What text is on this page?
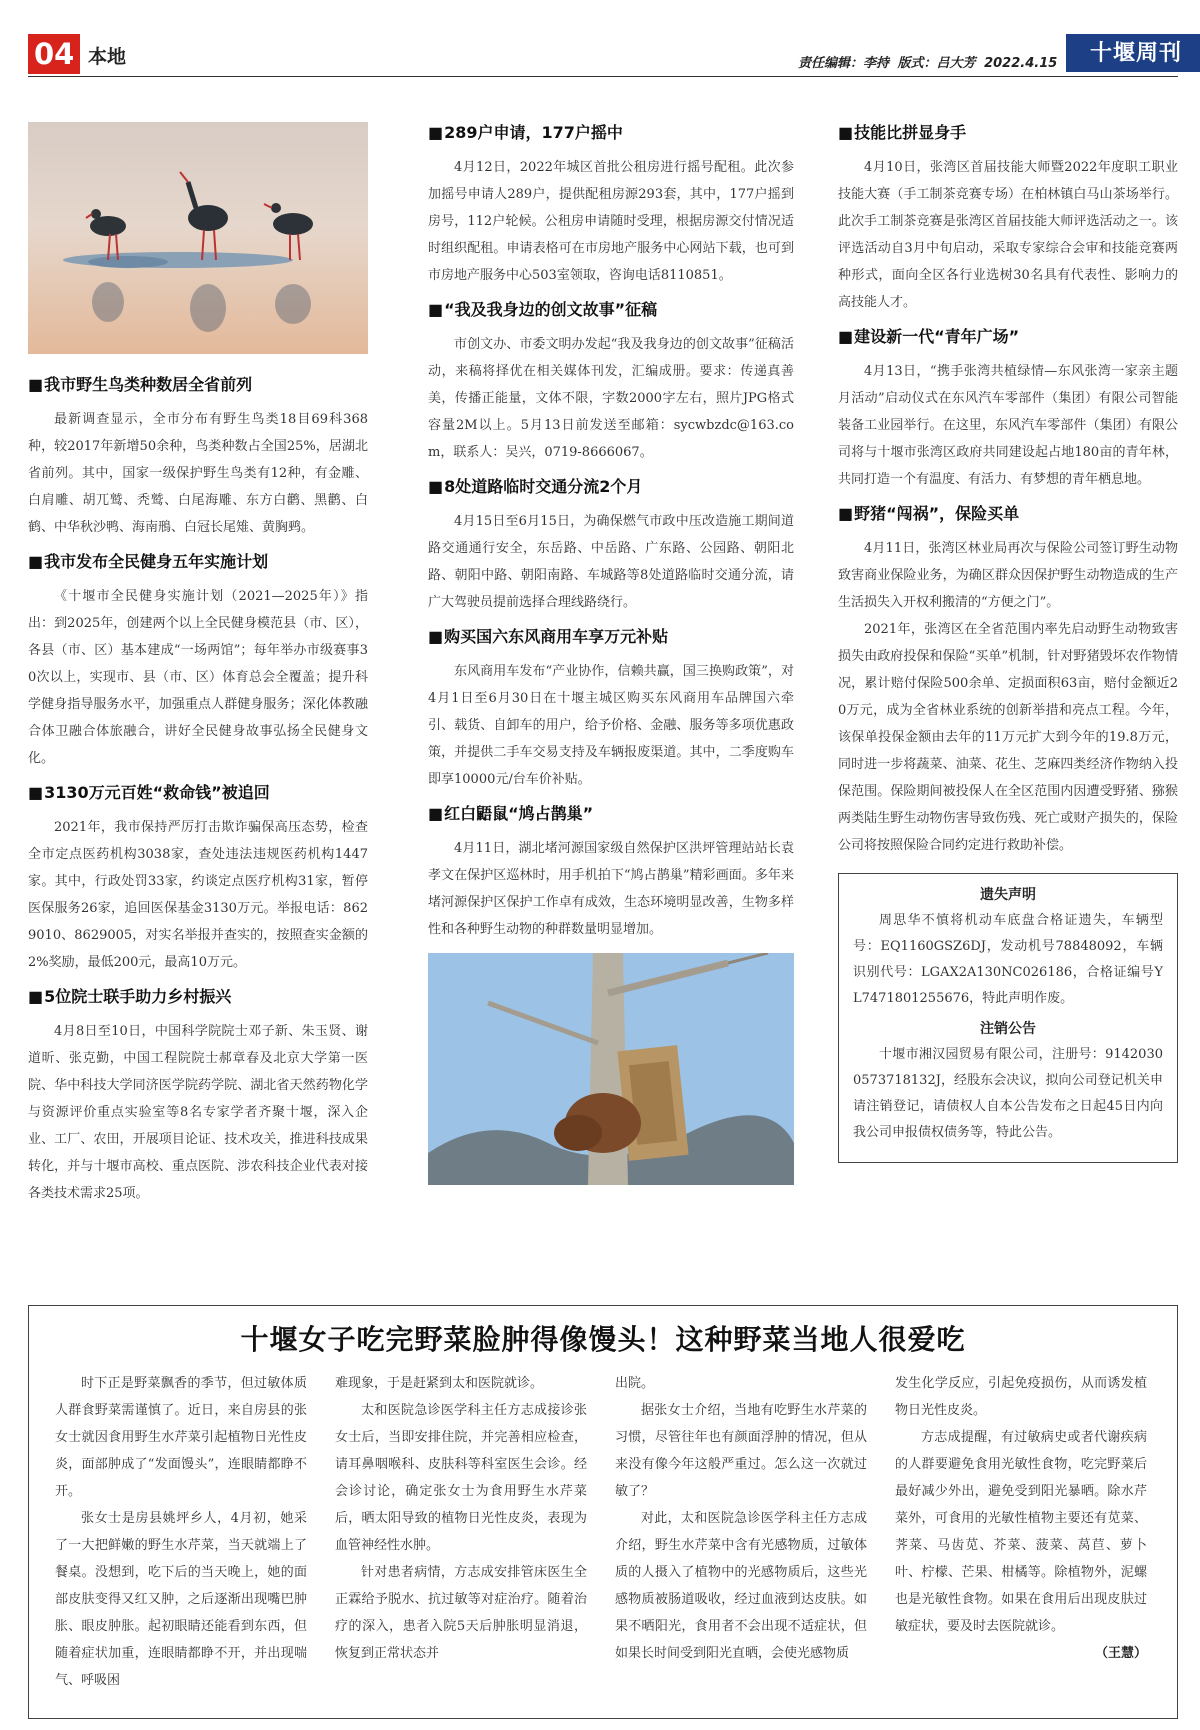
04 本地	责任编辑：李持 版式：吕大芳 2022.4.15	十堰周刊
■ 我市野生鸟类种数居全省前列

最新调查显示，全市分布有野生鸟类18目69科368种，较2017年新增50余种，鸟类种数占全国25%，居湖北省前列。其中，国家一级保护野生鸟类有12种，有金雕、白肩雕、胡兀鹫、秃鹫、白尾海雕、东方白鹳、黑鹳、白鹤、中华秋沙鸭、海南鳽、白冠长尾雉、黄胸鹀。

■ 我市发布全民健身五年实施计划

《十堰市全民健身实施计划（2021—2025年）》指出：到2025年，创建两个以上全民健身模范县（市、区），各县（市、区）基本建成“一场两馆”；每年举办市级赛事30次以上，实现市、县（市、区）体育总会全覆盖；提升科学健身指导服务水平，加强重点人群健身服务；深化体教融合体卫融合体旅融合，讲好全民健身故事弘扬全民健身文化。

■ 3130万元百姓“救命钱”被追回

2021年，我市保持严厉打击欺诈骗保高压态势，检查全市定点医药机构3038家，查处违法违规医药机构1447家。其中，行政处罚33家，约谈定点医疗机构31家，暂停医保服务26家，追回医保基金3130万元。举报电话：8629010、8629005，对实名举报并查实的，按照查实金额的2%奖励，最低200元，最高10万元。

■ 5位院士联手助力乡村振兴

4月8日至10日，中国科学院院士邓子新、朱玉贤、谢道昕、张克勤，中国工程院院士郝章春及北京大学第一医院、华中科技大学同济医学院药学院、湖北省天然药物化学与资源评价重点实验室等8名专家学者齐聚十堰，深入企业、工厂、农田，开展项目论证、技术攻关，推进科技成果转化，并与十堰市高校、重点医院、涉农科技企业代表对接各类技术需求25项。

■ 289户申请，177户摇中

4月12日，2022年城区首批公租房进行摇号配租。此次参加摇号申请人289户，提供配租房源293套，其中，177户摇到房号，112户轮候。公租房申请随时受理，根据房源交付情况适时组织配租。申请表格可在市房地产服务中心网站下载，也可到市房地产服务中心503室领取，咨询电话8110851。

■ “我及我身边的创文故事”征稿

市创文办、市委文明办发起“我及我身边的创文故事”征稿活动，来稿将择优在相关媒体刊发，汇编成册。要求：传递真善美，传播正能量，文体不限，字数2000字左右，照片JPG格式容量2M以上。5月13日前发送至邮箱：sycwbzdc@163.com，联系人：吴兴，0719-8666067。

■ 8处道路临时交通分流2个月

4月15日至6月15日，为确保燃气市政中压改造施工期间道路交通通行安全，东岳路、中岳路、广东路、公园路、朝阳北路、朝阳中路、朝阳南路、车城路等8处道路临时交通分流，请广大驾驶员提前选择合理线路绕行。

■ 购买国六东风商用车享万元补贴

东风商用车发布“产业协作，信赖共赢，国三换购政策”，对4月1日至6月30日在十堰主城区购买东风商用车品牌国六牵引、载货、自卸车的用户，给予价格、金融、服务等多项优惠政策，并提供二手车交易支持及车辆报废渠道。其中，二季度购车即享10000元/台车价补贴。

■ 红白鼯鼠“鸠占鹊巢”

4月11日，湖北堵河源国家级自然保护区洪坪管理站站长袁孝文在保护区巡林时，用手机拍下“鸠占鹊巢”精彩画面。多年来堵河源保护区保护工作卓有成效，生态环境明显改善，生物多样性和各种野生动物的种群数量明显增加。

■ 技能比拼显身手

4月10日，张湾区首届技能大师暨2022年度职工职业技能大赛（手工制茶竞赛专场）在柏林镇白马山茶场举行。此次手工制茶竞赛是张湾区首届技能大师评选活动之一。该评选活动自3月中旬启动，采取专家综合会审和技能竞赛两种形式，面向全区各行业选树30名具有代表性、影响力的高技能人才。

■ 建设新一代“青年广场”

4月13日，“携手张湾共植绿情—东风张湾一家亲主题月活动”启动仪式在东风汽车零部件（集团）有限公司智能装备工业园举行。在这里，东风汽车零部件（集团）有限公司将与十堰市张湾区政府共同建设起占地180亩的青年林，共同打造一个有温度、有活力、有梦想的青年栖息地。

■ 野猪“闯祸”，保险买单

4月11日，张湾区林业局再次与保险公司签订野生动物致害商业保险业务，为确区群众因保护野生动物造成的生产生活损失入开权利搬清的“方便之门”。

2021年，张湾区在全省范围内率先启动野生动物致害损失由政府投保和保险“买单”机制，针对野猪毁坏农作物情况，累计赔付保险500余单、定损面积63亩，赔付金额近20万元，成为全省林业系统的创新举措和亮点工程。今年，该保单投保金额由去年的11万元扩大到今年的19.8万元，同时进一步将蔬菜、油菜、花生、芝麻四类经济作物纳入投保范围。保险期间被投保人在全区范围内因遭受野猪、猕猴两类陆生野生动物伤害导致伤残、死亡或财产损失的，保险公司将按照保险合同约定进行救助补偿。

遗失声明

周思华不慎将机动车底盘合格证遗失，车辆型号：EQ1160GSZ6DJ，发动机号78848092，车辆识别代号：LGAX2A130NC026186，合格证编号YL7471801255676，特此声明作废。

注销公告

十堰市湘汉园贸易有限公司，注册号：91420300573718132J，经股东会决议，拟向公司登记机关申请注销登记，请债权人自本公告发布之日起45日内向我公司申报债权债务等，特此公告。

十堰女子吃完野菜脸肿得像馒头！这种野菜当地人很爱吃

时下正是野菜飘香的季节，但过敏体质人群食野菜需谨慎了。近日，来自房县的张女士就因食用野生水芹菜引起植物日光性皮炎，面部肿成了“发面馒头”，连眼睛都睁不开。

张女士是房县姚坪乡人，4月初，她采了一大把鲜嫩的野生水芹菜，当天就端上了餐桌。没想到，吃下后的当天晚上，她的面部皮肤变得又红又肿，之后逐渐出现嘴巴肿胀、眼皮肿胀。起初眼睛还能看到东西，但随着症状加重，连眼睛都睁不开，并出现喘气、呼吸困

难现象，于是赶紧到太和医院就诊。

太和医院急诊医学科主任方志成接诊张女士后，当即安排住院，并完善相应检查，请耳鼻咽喉科、皮肤科等科室医生会诊。经会诊讨论，确定张女士为食用野生水芹菜后，晒太阳导致的植物日光性皮炎，表现为血管神经性水肿。

针对患者病情，方志成安排管床医生全正霖给予脱水、抗过敏等对症治疗。随着治疗的深入，患者入院5天后肿胀明显消退，恢复到正常状态并

出院。

据张女士介绍，当地有吃野生水芹菜的习惯，尽管往年也有颜面浮肿的情况，但从来没有像今年这般严重过。怎么这一次就过敏了？

对此，太和医院急诊医学科主任方志成介绍，野生水芹菜中含有光感物质，过敏体质的人摄入了植物中的光感物质后，这些光感物质被肠道吸收，经过血液到达皮肤。如果不晒阳光，食用者不会出现不适症状，但如果长时间受到阳光直晒，会使光感物质

发生化学反应，引起免疫损伤，从而诱发植物日光性皮炎。

方志成提醒，有过敏病史或者代谢疾病的人群要避免食用光敏性食物，吃完野菜后最好减少外出，避免受到阳光暴晒。除水芹菜外，可食用的光敏性植物主要还有苋菜、荠菜、马齿苋、芥菜、菠菜、莴苣、萝卜叶、柠檬、芒果、柑橘等。除植物外，泥螺也是光敏性食物。如果在食用后出现皮肤过敏症状，要及时去医院就诊。

（王慧）
